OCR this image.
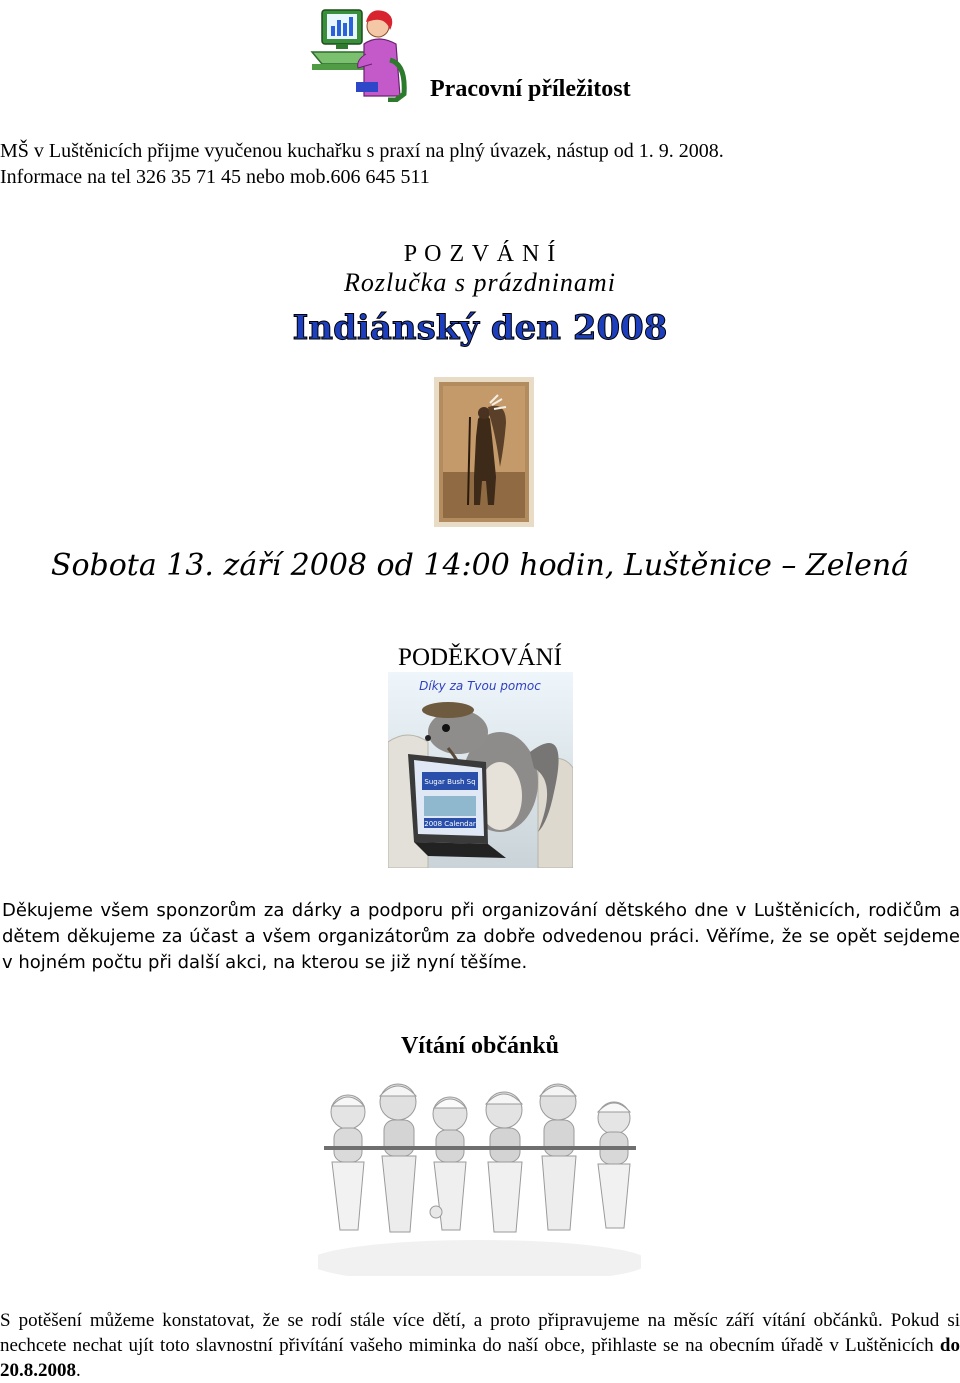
Pracovní příležitost
MŠ v Luštěnicích přijme vyučenou kuchařku s praxí na plný úvazek, nástup od 1. 9. 2008.
Informace na tel 326 35 71 45 nebo mob.606 645 511
P O Z V Á N Í
Rozlučka s prázdninami
Indiánský den 2008
Sobota 13. září 2008 od 14:00 hodin, Luštěnice – Zelená
PODĚKOVÁNÍ
Díky za Tvou pomoc
Sugar Bush Sq
2008 Calendar
Děkujeme všem sponzorům za dárky a podporu při organizování dětského dne v Luštěnicích, rodičům a dětem děkujeme za účast a všem organizátorům za dobře odvedenou práci. Věříme, že se opět sejdeme v hojném počtu při další akci, na kterou se již nyní těšíme.
Vítání občánků
S potěšení můžeme konstatovat, že se rodí stále více dětí, a proto připravujeme na měsíc září vítání občánků. Pokud si nechcete nechat ujít toto slavnostní přivítání vašeho miminka do naší obce, přihlaste se na obecním úřadě v Luštěnicích do 20.8.2008.
